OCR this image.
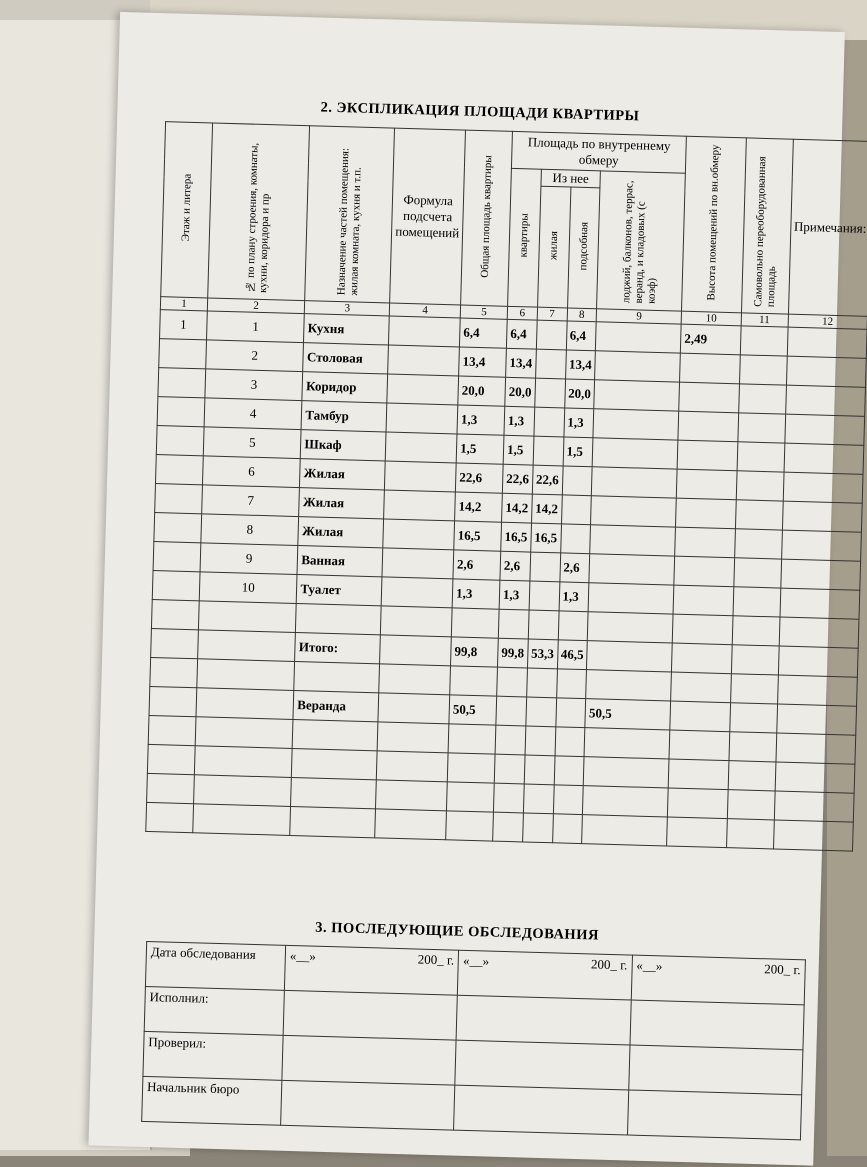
2. ЭКСПЛИКАЦИЯ ПЛОЩАДИ КВАРТИРЫ
Этаж и литера	№ по плану строения, комнаты, кухни, коридора и пр	Назначение частей помещения: жилая комната, кухня и т.п.	Формула подсчета помещений	Общая площадь квартиры	Площадь по внутреннему обмеру				Высота помещений по вн.обмеру	Самовольно переоборудованная площадь	Примечания:
					квартиры	Из нее		лоджий, балконов, террас, веранд, и кладовых (с коэф)			
						жилая	подсобная				
1	2	3	4	5	6	7	8	9	10	11	12
1	1	Кухня		6,4	6,4		6,4		2,49		
	2	Столовая		13,4	13,4		13,4				
	3	Коридор		20,0	20,0		20,0				
	4	Тамбур		1,3	1,3		1,3				
	5	Шкаф		1,5	1,5		1,5				
	6	Жилая		22,6	22,6	22,6					
	7	Жилая		14,2	14,2	14,2					
	8	Жилая		16,5	16,5	16,5					
	9	Ванная		2,6	2,6		2,6				
	10	Туалет		1,3	1,3		1,3				

		Итого:		99,8	99,8	53,3	46,5				

		Веранда		50,5				50,5			

3. ПОСЛЕДУЮЩИЕ ОБСЛЕДОВАНИЯ
Дата обследования	«__» 200_ г.	«__» 200_ г.	«__» 200_ г.

Исполнил:			
Проверил:			
Начальник бюро			
